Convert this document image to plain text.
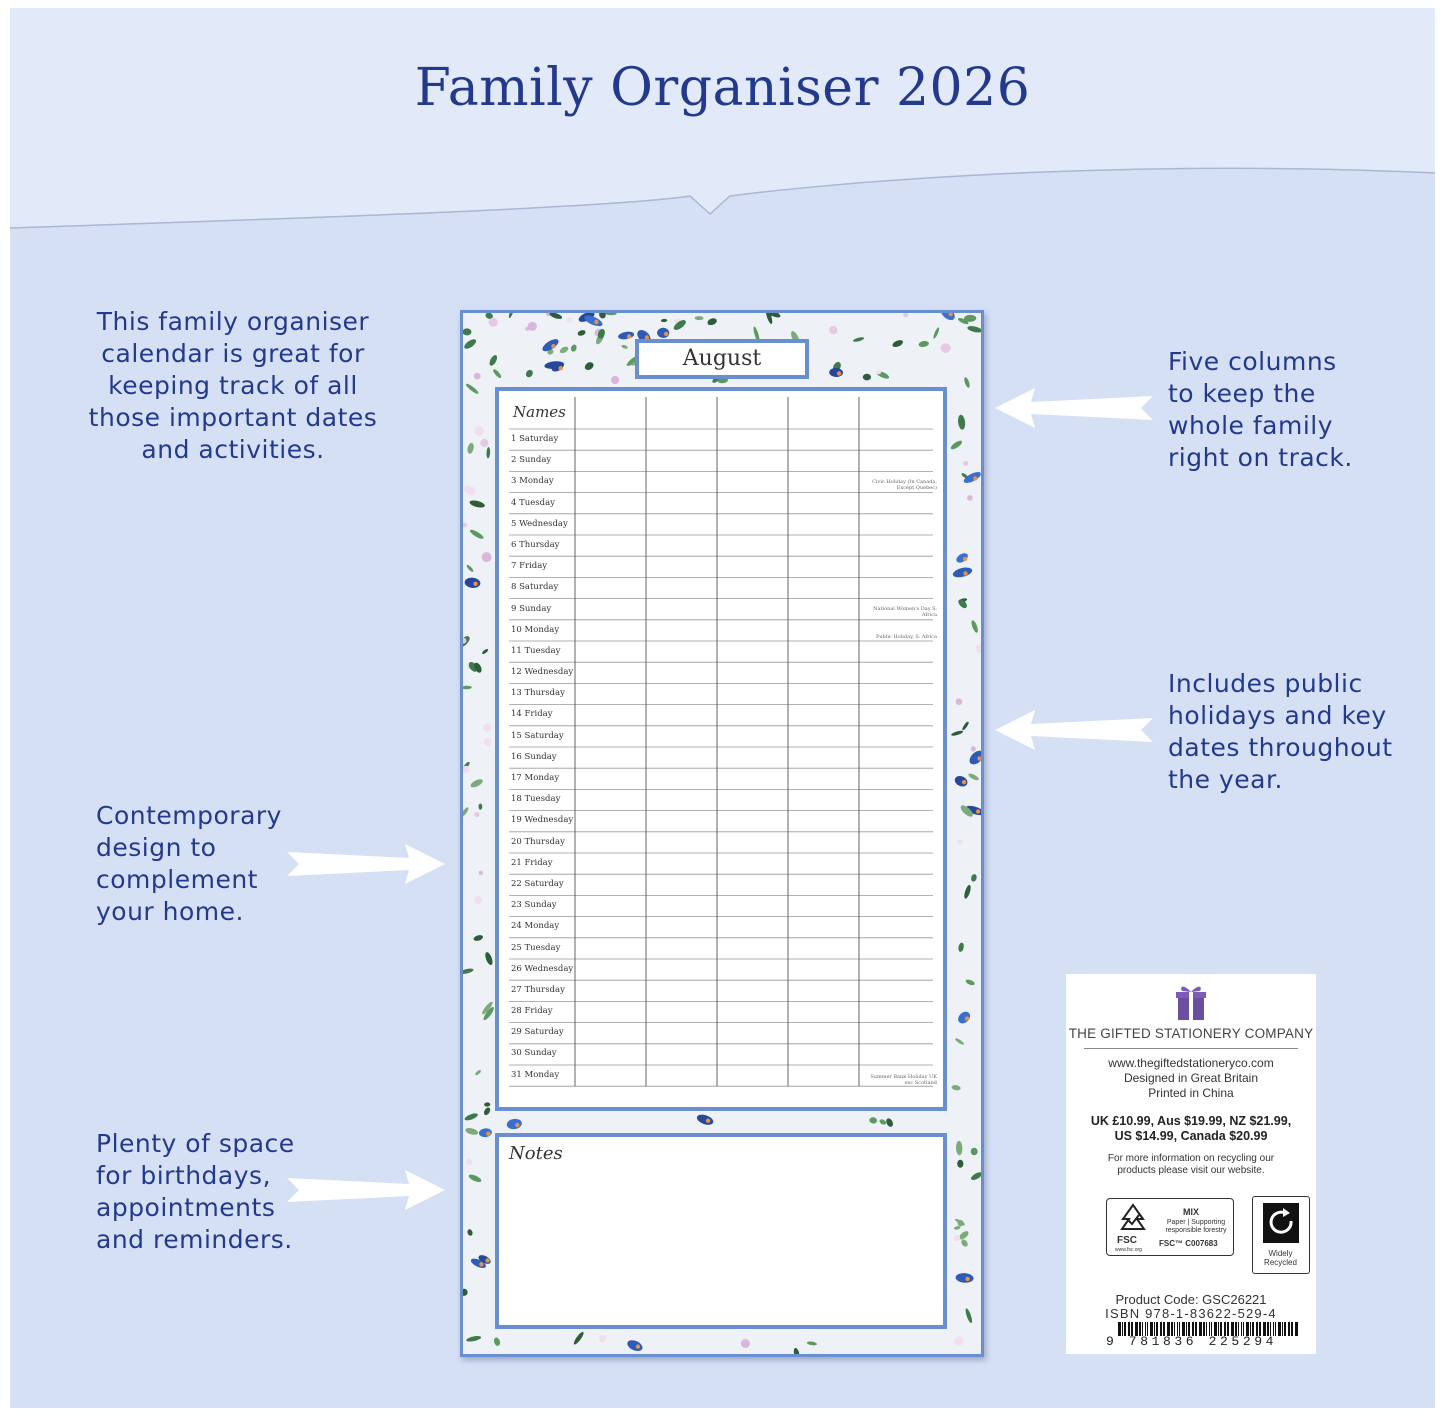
Family Organiser 2026
This family organiser
calendar is great for
keeping track of all
those important dates
and activities.
Five columns
to keep the
whole family
right on track.
Includes public
holidays and key
dates throughout
the year.
Contemporary
design to
complement
your home.
Plenty of space
for birthdays,
appointments
and reminders.
August
Names
1 Saturday
2 Sunday
3 Monday
4 Tuesday
5 Wednesday
6 Thursday
7 Friday
8 Saturday
9 Sunday
10 Monday
11 Tuesday
12 Wednesday
13 Thursday
14 Friday
15 Saturday
16 Sunday
17 Monday
18 Tuesday
19 Wednesday
20 Thursday
21 Friday
22 Saturday
23 Sunday
24 Monday
25 Tuesday
26 Wednesday
27 Thursday
28 Friday
29 Saturday
30 Sunday
31 Monday
Civic Holiday (In Canada, Except Quebec)
National Women's Day S. Africa
Public Holiday, S. Africa
Summer Bank Holiday UK exc Scotland
Notes
THE GIFTED STATIONERY COMPANY
www.thegiftedstationeryco.com
Designed in Great Britain
Printed in China
UK £10.99, Aus $19.99, NZ $21.99,
US $14.99, Canada $20.99
For more information on recycling our
products please visit our website.
FSC
www.fsc.org
MIX
Paper | Supporting responsible forestry
FSC™ C007683
Widely Recycled
Product Code: GSC26221
ISBN 978-1-83622-529-4
9 781836 225294
